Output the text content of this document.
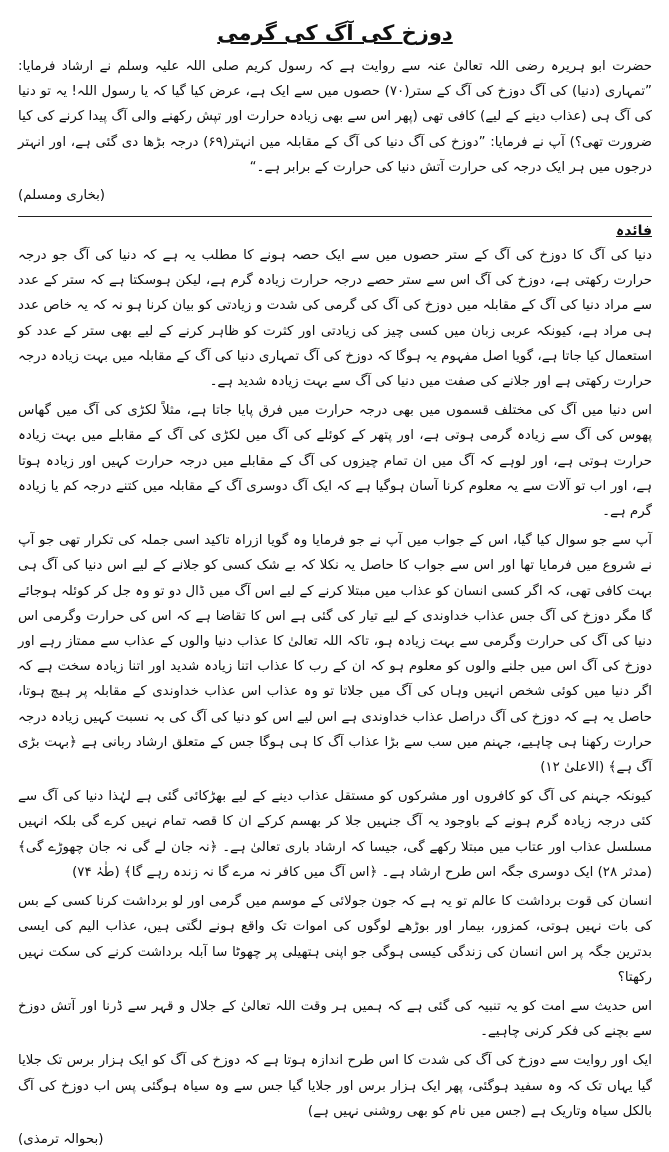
دوزخ کی آگ کی گرمی

حضرت ابو ہریرہ رضی اللہ تعالیٰ عنہ سے روایت ہے کہ رسول کریم صلی اللہ علیہ وسلم نے ارشاد فرمایا: ”تمہاری (دنیا) کی آگ دوزخ کی آگ کے ستر(۷۰) حصوں میں سے ایک ہے، عرض کیا گیا کہ یا رسول اللہ! یہ تو دنیا کی آگ ہی (عذاب دینے کے لیے) کافی تھی (پھر اس سے بھی زیادہ حرارت اور تپش رکھنے والی آگ پیدا کرنے کی کیا ضرورت تھی؟) آپ نے فرمایا: ”دوزخ کی آگ دنیا کی آگ کے مقابلہ میں انہتر(۶۹) درجہ بڑھا دی گئی ہے، اور انہتر درجوں میں ہر ایک درجہ کی حرارت آتش دنیا کی حرارت کے برابر ہے۔“

(بخاری ومسلم)
فائدہ

دنیا کی آگ کا دوزخ کی آگ کے ستر حصوں میں سے ایک حصہ ہونے کا مطلب یہ ہے کہ دنیا کی آگ جو درجہ حرارت رکھتی ہے، دوزخ کی آگ اس سے ستر حصے درجہ حرارت زیادہ گرم ہے، لیکن ہوسکتا ہے کہ ستر کے عدد سے مراد دنیا کی آگ کے مقابلہ میں دوزخ کی آگ کی گرمی کی شدت و زیادتی کو بیان کرنا ہو نہ کہ یہ خاص عدد ہی مراد ہے، کیونکہ عربی زبان میں کسی چیز کی زیادتی اور کثرت کو ظاہر کرنے کے لیے بھی ستر کے عدد کو استعمال کیا جاتا ہے، گویا اصل مفہوم یہ ہوگا کہ دوزخ کی آگ تمہاری دنیا کی آگ کے مقابلہ میں بہت زیادہ درجہ حرارت رکھتی ہے اور جلانے کی صفت میں دنیا کی آگ سے بہت زیادہ شدید ہے۔

اس دنیا میں آگ کی مختلف قسموں میں بھی درجہ حرارت میں فرق پایا جاتا ہے، مثلاً لکڑی کی آگ میں گھاس پھوس کی آگ سے زیادہ گرمی ہوتی ہے، اور پتھر کے کوئلے کی آگ میں لکڑی کی آگ کے مقابلے میں بہت زیادہ حرارت ہوتی ہے، اور لوہے کہ آگ میں ان تمام چیزوں کی آگ کے مقابلے میں درجہ حرارت کہیں اور زیادہ ہوتا ہے، اور اب تو آلات سے یہ معلوم کرنا آسان ہوگیا ہے کہ ایک آگ دوسری آگ کے مقابلہ میں کتنے درجہ کم یا زیادہ گرم ہے۔

آپ سے جو سوال کیا گیا، اس کے جواب میں آپ نے جو فرمایا وہ گویا ازراہ تاکید اسی جملہ کی تکرار تھی جو آپ نے شروع میں فرمایا تھا اور اس سے جواب کا حاصل یہ نکلا کہ بے شک کسی کو جلانے کے لیے اس دنیا کی آگ ہی بہت کافی تھی، کہ اگر کسی انسان کو عذاب میں مبتلا کرنے کے لیے اس آگ میں ڈال دو تو وہ جل کر کوئلہ ہوجائے گا مگر دوزخ کی آگ جس عذاب خداوندی کے لیے تیار کی گئی ہے اس کا تقاضا ہے کہ اس کی حرارت وگرمی اس دنیا کی آگ کی حرارت وگرمی سے بہت زیادہ ہو، تاکہ اللہ تعالیٰ کا عذاب دنیا والوں کے عذاب سے ممتاز رہے اور دوزخ کی آگ اس میں جلنے والوں کو معلوم ہو کہ ان کے رب کا عذاب اتنا زیادہ شدید اور اتنا زیادہ سخت ہے کہ اگر دنیا میں کوئی شخص انہیں وہاں کی آگ میں جلاتا تو وہ عذاب اس عذاب خداوندی کے مقابلہ پر ہیچ ہوتا، حاصل یہ ہے کہ دوزخ کی آگ دراصل عذاب خداوندی ہے اس لیے اس کو دنیا کی آگ کی بہ نسبت کہیں زیادہ درجہ حرارت رکھنا ہی چاہیے، جہنم میں سب سے بڑا عذاب آگ کا ہی ہوگا جس کے متعلق ارشاد ربانی ہے ﴿بہت بڑی آگ ہے﴾ (الاعلیٰ ۱۲)

کیونکہ جہنم کی آگ کو کافروں اور مشرکوں کو مستقل عذاب دینے کے لیے بھڑکائی گئی ہے لہٰذا دنیا کی آگ سے کئی درجہ زیادہ گرم ہونے کے باوجود یہ آگ جنہیں جلا کر بھسم کرکے ان کا قصہ تمام نہیں کرے گی بلکہ انہیں مسلسل عذاب اور عتاب میں مبتلا رکھے گی، جیسا کہ ارشاد باری تعالیٰ ہے۔ ﴿نہ جان لے گی نہ جان چھوڑے گی﴾ (مدثر ۲۸) ایک دوسری جگہ اس طرح ارشاد ہے۔ ﴿اس آگ میں کافر نہ مرے گا نہ زندہ رہے گا﴾ (طٰہٰ ۷۴)

انسان کی قوت برداشت کا عالم تو یہ ہے کہ جون جولائی کے موسم میں گرمی اور لو برداشت کرنا کسی کے بس کی بات نہیں ہوتی، کمزور، بیمار اور بوڑھے لوگوں کی اموات تک واقع ہونے لگتی ہیں، عذاب الیم کی ایسی بدترین جگہ پر اس انسان کی زندگی کیسی ہوگی جو اپنی ہتھیلی پر چھوٹا سا آبلہ برداشت کرنے کی سکت نہیں رکھتا؟

اس حدیث سے امت کو یہ تنبیہ کی گئی ہے کہ ہمیں ہر وقت اللہ تعالیٰ کے جلال و قہر سے ڈرنا اور آتش دوزخ سے بچنے کی فکر کرنی چاہیے۔

ایک اور روایت سے دوزخ کی آگ کی شدت کا اس طرح اندازہ ہوتا ہے کہ دوزخ کی آگ کو ایک ہزار برس تک جلایا گیا یہاں تک کہ وہ سفید ہوگئی، پھر ایک ہزار برس اور جلایا گیا جس سے وہ سیاہ ہوگئی پس اب دوزخ کی آگ بالکل سیاہ وتاریک ہے (جس میں نام کو بھی روشنی نہیں ہے)

(بحوالہ ترمذی)
